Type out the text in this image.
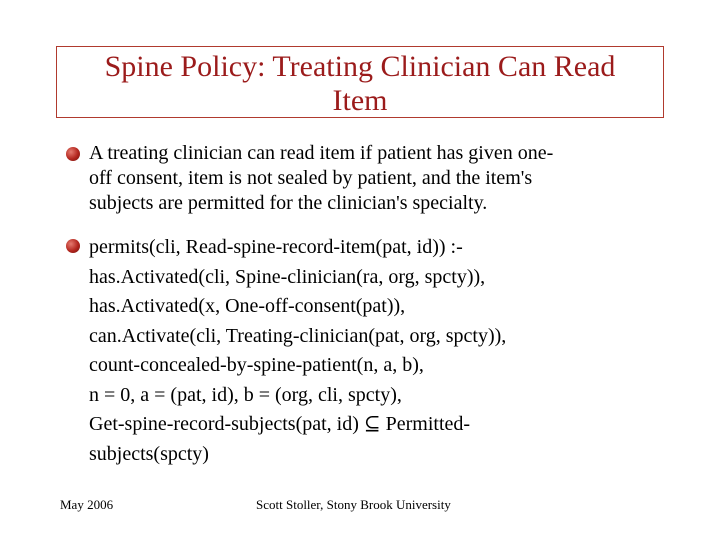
Spine Policy: Treating Clinician Can Read
Item
A treating clinician can read item if patient has given one-
off consent, item is not sealed by patient, and the item's
subjects are permitted for the clinician's specialty.
permits(cli, Read-spine-record-item(pat, id)) :-
has.Activated(cli, Spine-clinician(ra, org, spcty)),
has.Activated(x, One-off-consent(pat)),
can.Activate(cli, Treating-clinician(pat, org, spcty)),
count-concealed-by-spine-patient(n, a, b),
n = 0, a = (pat, id), b = (org, cli, spcty),
Get-spine-record-subjects(pat, id) ⊆ Permitted-
subjects(spcty)
May 2006	Scott Stoller, Stony Brook University
